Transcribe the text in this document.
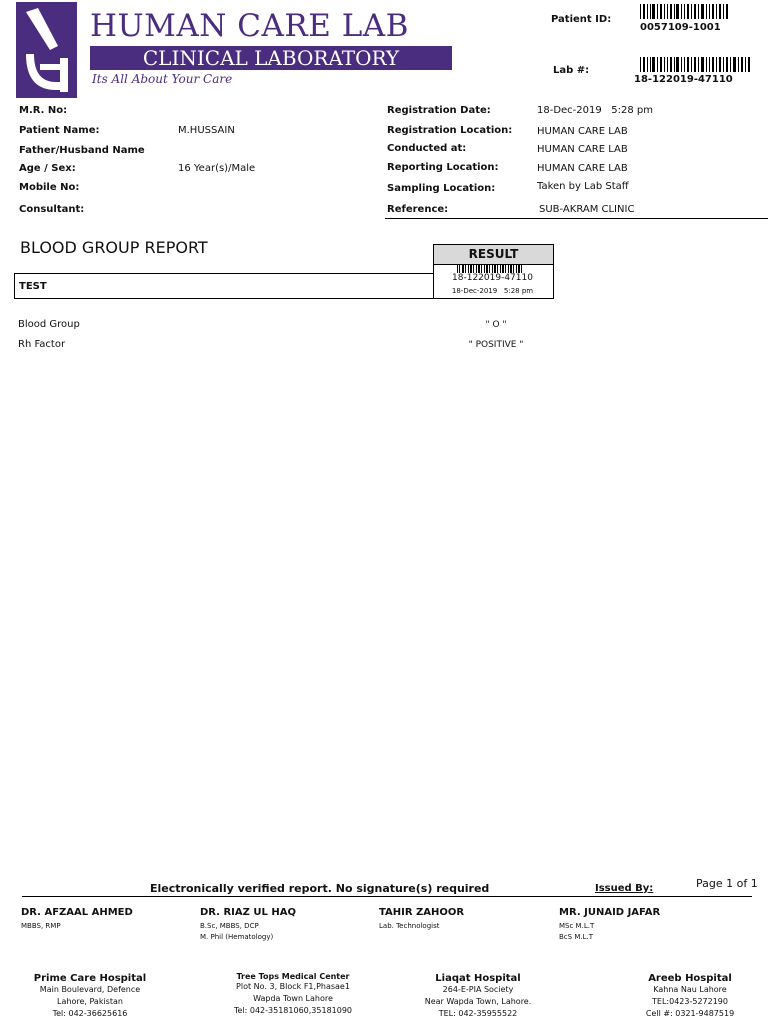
HUMAN CARE LAB
CLINICAL LABORATORY
Its All About Your Care
Patient ID:
0057109-1001
Lab #:
18-122019-47110
M.R. No:
Patient Name:	M.HUSSAIN
Father/Husband Name
Age / Sex:	16 Year(s)/Male
Mobile No:
Consultant:
Registration Date:	18-Dec-2019   5:28 pm
Registration Location: HUMAN CARE LAB
Conducted at:	HUMAN CARE LAB
Reporting Location:	HUMAN CARE LAB
Sampling Location:	Taken by Lab Staff
Reference:	SUB-AKRAM CLINIC
BLOOD GROUP REPORT	RESULT
TEST
18-122019-47110
18-Dec-2019   5:28 pm
Blood Group	" O "
Rh Factor	" POSITIVE "
Page 1 of 1
Electronically verified report. No signature(s) required	Issued By:
DR. AFZAAL AHMED
MBBS, RMP
DR. RIAZ UL HAQ
B.Sc, MBBS, DCP
M. Phil (Hematology)
TAHIR ZAHOOR
Lab. Technologist
MR. JUNAID JAFAR
MSc M.L.T
BcS M.L.T
Prime Care Hospital
Main Boulevard, Defence
Lahore, Pakistan
Tel: 042-36625616
Tree Tops Medical Center
Plot No. 3, Block F1,Phasae1
Wapda Town Lahore
Tel: 042-35181060,35181090
Liaqat Hospital
264-E-PIA Society
Near Wapda Town, Lahore.
TEL: 042-35955522
Areeb Hospital
Kahna Nau Lahore
TEL:0423-5272190
Cell #: 0321-9487519
